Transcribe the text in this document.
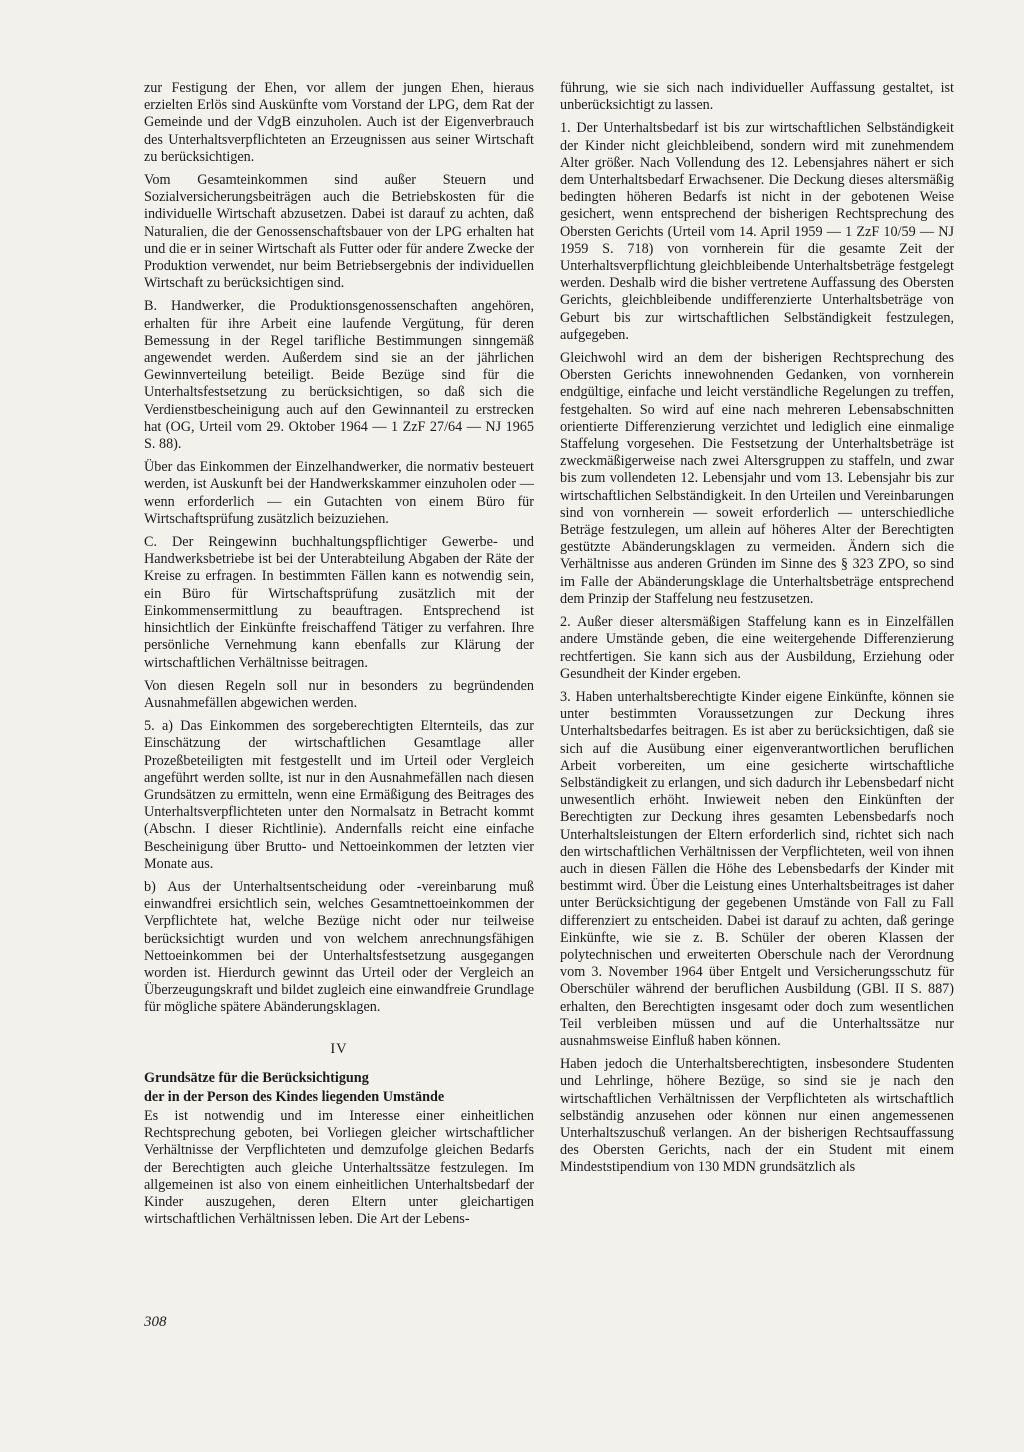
zur Festigung der Ehen, vor allem der jungen Ehen, hieraus erzielten Erlös sind Auskünfte vom Vorstand der LPG, dem Rat der Gemeinde und der VdgB einzuholen. Auch ist der Eigenverbrauch des Unterhaltsverpflichteten an Erzeugnissen aus seiner Wirtschaft zu berücksichtigen.

Vom Gesamteinkommen sind außer Steuern und Sozialversicherungsbeiträgen auch die Betriebskosten für die individuelle Wirtschaft abzusetzen. Dabei ist darauf zu achten, daß Naturalien, die der Genossenschaftsbauer von der LPG erhalten hat und die er in seiner Wirtschaft als Futter oder für andere Zwecke der Produktion verwendet, nur beim Betriebsergebnis der individuellen Wirtschaft zu berücksichtigen sind.

B. Handwerker, die Produktionsgenossenschaften angehören, erhalten für ihre Arbeit eine laufende Vergütung, für deren Bemessung in der Regel tarifliche Bestimmungen sinngemäß angewendet werden. Außerdem sind sie an der jährlichen Gewinnverteilung beteiligt. Beide Bezüge sind für die Unterhaltsfestsetzung zu berücksichtigen, so daß sich die Verdienstbescheinigung auch auf den Gewinnanteil zu erstrecken hat (OG, Urteil vom 29. Oktober 1964 — 1 ZzF 27/64 — NJ 1965 S. 88).

Über das Einkommen der Einzelhandwerker, die normativ besteuert werden, ist Auskunft bei der Handwerkskammer einzuholen oder — wenn erforderlich — ein Gutachten von einem Büro für Wirtschaftsprüfung zusätzlich beizuziehen.

C. Der Reingewinn buchhaltungspflichtiger Gewerbe- und Handwerksbetriebe ist bei der Unterabteilung Abgaben der Räte der Kreise zu erfragen. In bestimmten Fällen kann es notwendig sein, ein Büro für Wirtschaftsprüfung zusätzlich mit der Einkommensermittlung zu beauftragen. Entsprechend ist hinsichtlich der Einkünfte freischaffend Tätiger zu verfahren. Ihre persönliche Vernehmung kann ebenfalls zur Klärung der wirtschaftlichen Verhältnisse beitragen.

Von diesen Regeln soll nur in besonders zu begründenden Ausnahmefällen abgewichen werden.

5. a) Das Einkommen des sorgeberechtigten Elternteils, das zur Einschätzung der wirtschaftlichen Gesamtlage aller Prozeßbeteiligten mit festgestellt und im Urteil oder Vergleich angeführt werden sollte, ist nur in den Ausnahmefällen nach diesen Grundsätzen zu ermitteln, wenn eine Ermäßigung des Beitrages des Unterhaltsverpflichteten unter den Normalsatz in Betracht kommt (Abschn. I dieser Richtlinie). Andernfalls reicht eine einfache Bescheinigung über Brutto- und Nettoeinkommen der letzten vier Monate aus.

b) Aus der Unterhaltsentscheidung oder -vereinbarung muß einwandfrei ersichtlich sein, welches Gesamtnettoeinkommen der Verpflichtete hat, welche Bezüge nicht oder nur teilweise berücksichtigt wurden und von welchem anrechnungsfähigen Nettoeinkommen bei der Unterhaltsfestsetzung ausgegangen worden ist. Hierdurch gewinnt das Urteil oder der Vergleich an Überzeugungskraft und bildet zugleich eine einwandfreie Grundlage für mögliche spätere Abänderungsklagen.

IV
Grundsätze für die Berücksichtigung
der in der Person des Kindes liegenden Umstände

Es ist notwendig und im Interesse einer einheitlichen Rechtsprechung geboten, bei Vorliegen gleicher wirtschaftlicher Verhältnisse der Verpflichteten und demzufolge gleichen Bedarfs der Berechtigten auch gleiche Unterhaltssätze festzulegen. Im allgemeinen ist also von einem einheitlichen Unterhaltsbedarf der Kinder auszugehen, deren Eltern unter gleichartigen wirtschaftlichen Verhältnissen leben. Die Art der Lebens-

führung, wie sie sich nach individueller Auffassung gestaltet, ist unberücksichtigt zu lassen.

1. Der Unterhaltsbedarf ist bis zur wirtschaftlichen Selbständigkeit der Kinder nicht gleichbleibend, sondern wird mit zunehmendem Alter größer. Nach Vollendung des 12. Lebensjahres nähert er sich dem Unterhaltsbedarf Erwachsener. Die Deckung dieses altersmäßig bedingten höheren Bedarfs ist nicht in der gebotenen Weise gesichert, wenn entsprechend der bisherigen Rechtsprechung des Obersten Gerichts (Urteil vom 14. April 1959 — 1 ZzF 10/59 — NJ 1959 S. 718) von vornherein für die gesamte Zeit der Unterhaltsverpflichtung gleichbleibende Unterhaltsbeträge festgelegt werden. Deshalb wird die bisher vertretene Auffassung des Obersten Gerichts, gleichbleibende undifferenzierte Unterhaltsbeträge von Geburt bis zur wirtschaftlichen Selbständigkeit festzulegen, aufgegeben.

Gleichwohl wird an dem der bisherigen Rechtsprechung des Obersten Gerichts innewohnenden Gedanken, von vornherein endgültige, einfache und leicht verständliche Regelungen zu treffen, festgehalten. So wird auf eine nach mehreren Lebensabschnitten orientierte Differenzierung verzichtet und lediglich eine einmalige Staffelung vorgesehen. Die Festsetzung der Unterhaltsbeträge ist zweckmäßigerweise nach zwei Altersgruppen zu staffeln, und zwar bis zum vollendeten 12. Lebensjahr und vom 13. Lebensjahr bis zur wirtschaftlichen Selbständigkeit. In den Urteilen und Vereinbarungen sind von vornherein — soweit erforderlich — unterschiedliche Beträge festzulegen, um allein auf höheres Alter der Berechtigten gestützte Abänderungsklagen zu vermeiden. Ändern sich die Verhältnisse aus anderen Gründen im Sinne des § 323 ZPO, so sind im Falle der Abänderungsklage die Unterhaltsbeträge entsprechend dem Prinzip der Staffelung neu festzusetzen.

2. Außer dieser altersmäßigen Staffelung kann es in Einzelfällen andere Umstände geben, die eine weitergehende Differenzierung rechtfertigen. Sie kann sich aus der Ausbildung, Erziehung oder Gesundheit der Kinder ergeben.

3. Haben unterhaltsberechtigte Kinder eigene Einkünfte, können sie unter bestimmten Voraussetzungen zur Deckung ihres Unterhaltsbedarfes beitragen. Es ist aber zu berücksichtigen, daß sie sich auf die Ausübung einer eigenverantwortlichen beruflichen Arbeit vorbereiten, um eine gesicherte wirtschaftliche Selbständigkeit zu erlangen, und sich dadurch ihr Lebensbedarf nicht unwesentlich erhöht. Inwieweit neben den Einkünften der Berechtigten zur Deckung ihres gesamten Lebensbedarfs noch Unterhaltsleistungen der Eltern erforderlich sind, richtet sich nach den wirtschaftlichen Verhältnissen der Verpflichteten, weil von ihnen auch in diesen Fällen die Höhe des Lebensbedarfs der Kinder mit bestimmt wird. Über die Leistung eines Unterhaltsbeitrages ist daher unter Berücksichtigung der gegebenen Umstände von Fall zu Fall differenziert zu entscheiden. Dabei ist darauf zu achten, daß geringe Einkünfte, wie sie z. B. Schüler der oberen Klassen der polytechnischen und erweiterten Oberschule nach der Verordnung vom 3. November 1964 über Entgelt und Versicherungsschutz für Oberschüler während der beruflichen Ausbildung (GBl. II S. 887) erhalten, den Berechtigten insgesamt oder doch zum wesentlichen Teil verbleiben müssen und auf die Unterhaltssätze nur ausnahmsweise Einfluß haben können.

Haben jedoch die Unterhaltsberechtigten, insbesondere Studenten und Lehrlinge, höhere Bezüge, so sind sie je nach den wirtschaftlichen Verhältnissen der Verpflichteten als wirtschaftlich selbständig anzusehen oder können nur einen angemessenen Unterhaltszuschuß verlangen. An der bisherigen Rechtsauffassung des Obersten Gerichts, nach der ein Student mit einem Mindeststipendium von 130 MDN grundsätzlich als

308
